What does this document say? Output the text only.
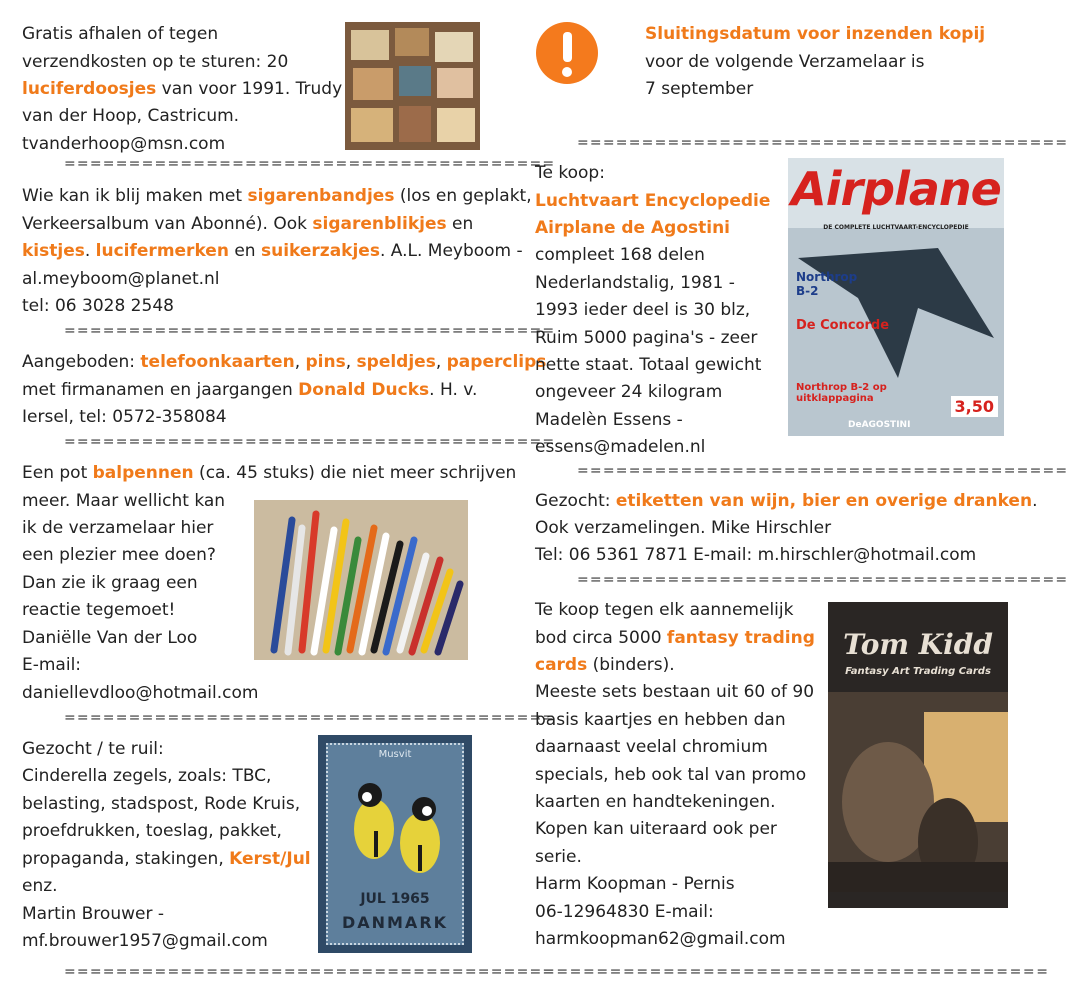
Gratis afhalen of tegen
verzendkosten op te sturen: 20
luciferdoosjes van voor 1991. Trudy
van der Hoop, Castricum.
tvanderhoop@msn.com
======================================
Wie kan ik blij maken met sigarenbandjes (los en geplakt,
Verkeersalbum van Abonné). Ook sigarenblikjes en
kistjes. lucifermerken en suikerzakjes. A.L. Meyboom -
al.meyboom@planet.nl
tel: 06 3028 2548
======================================
Aangeboden: telefoonkaarten, pins, speldjes, paperclips
met firmanamen en jaargangen Donald Ducks. H. v.
Iersel, tel: 0572-358084
======================================
Een pot balpennen (ca. 45 stuks) die niet meer schrijven
meer. Maar wellicht kan
ik de verzamelaar hier
een plezier mee doen?
Dan zie ik graag een
reactie tegemoet!
Daniëlle Van der Loo
E-mail:
daniellevdloo@hotmail.com
======================================
Gezocht / te ruil:
Cinderella zegels, zoals: TBC,
belasting, stadspost, Rode Kruis,
proefdrukken, toeslag, pakket,
propaganda, stakingen, Kerst/Jul
enz.
Martin Brouwer -
mf.brouwer1957@gmail.com
Musvit
JUL 1965
DANMARK
======================================
Sluitingsdatum voor inzenden kopij
voor de volgende Verzamelaar is
7 september
======================================
Te koop:
Luchtvaart Encyclopedie
Airplane de Agostini
compleet 168 delen
Nederlandstalig, 1981 -
1993 ieder deel is 30 blz,
Ruim 5000 pagina's - zeer
nette staat. Totaal gewicht
ongeveer 24 kilogram
Madelèn Essens -
essens@madelen.nl
Airplane
DE COMPLETE LUCHTVAART-ENCYCLOPEDIE
Northrop B-2
De Concorde
Northrop B-2 op uitklappagina	3,50
DeAGOSTINI
======================================
Gezocht: etiketten van wijn, bier en overige dranken.
Ook verzamelingen. Mike Hirschler
Tel: 06 5361 7871 E-mail: m.hirschler@hotmail.com
======================================
Te koop tegen elk aannemelijk
bod circa 5000 fantasy trading
cards (binders).
Meeste sets bestaan uit 60 of 90
basis kaartjes en hebben dan
daarnaast veelal chromium
specials, heb ook tal van promo
kaarten en handtekeningen.
Kopen kan uiteraard ook per
serie.
Harm Koopman - Pernis
06-12964830 E-mail:
harmkoopman62@gmail.com
Tom Kidd
Fantasy Art Trading Cards
======================================
